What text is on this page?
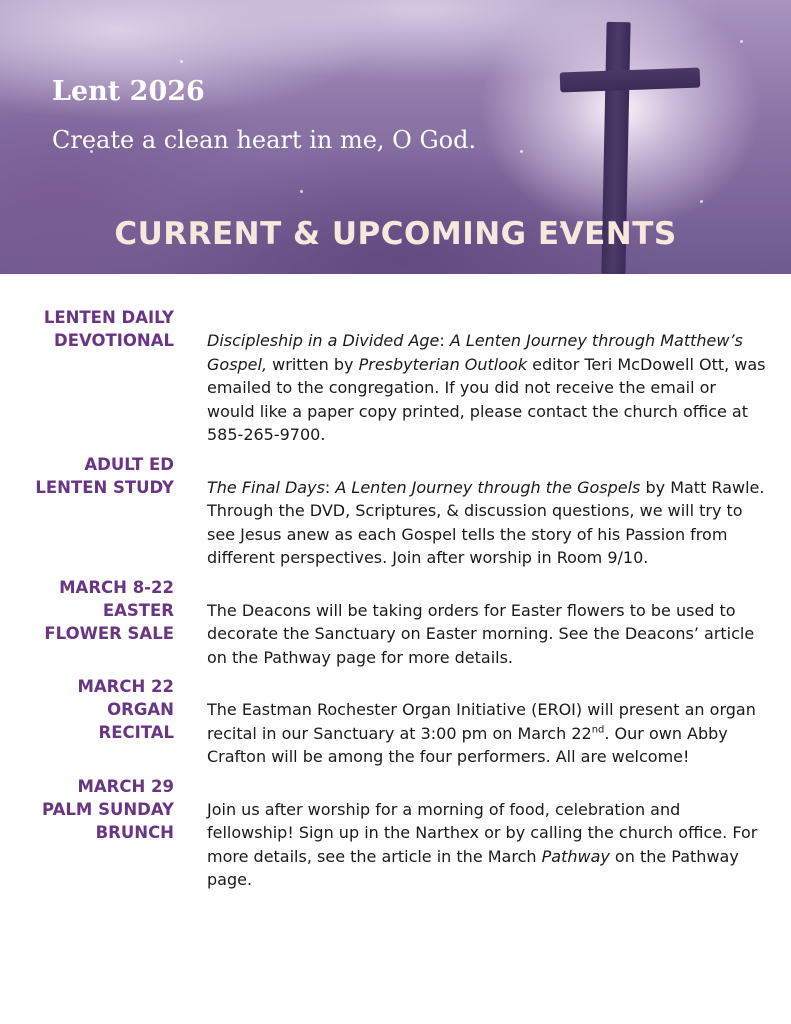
Lent 2026

Create a clean heart in me, O God.

CURRENT & UPCOMING EVENTS
LENTEN DAILY
DEVOTIONAL Discipleship in a Divided Age: A Lenten Journey through Matthew’s Gospel, written by Presbyterian Outlook editor Teri McDowell Ott, was emailed to the congregation. If you did not receive the email or would like a paper copy printed, please contact the church office at 585-265-9700.

ADULT ED
LENTEN STUDY The Final Days: A Lenten Journey through the Gospels by Matt Rawle. Through the DVD, Scriptures, & discussion questions, we will try to see Jesus anew as each Gospel tells the story of his Passion from different perspectives. Join after worship in Room 9/10.

MARCH 8-22
EASTER
FLOWER SALE

The Deacons will be taking orders for Easter flowers to be used to decorate the Sanctuary on Easter morning. See the Deacons’ article on the Pathway page for more details.

MARCH 22
ORGAN
RECITAL

The Eastman Rochester Organ Initiative (EROI) will present an organ recital in our Sanctuary at 3:00 pm on March 22nd. Our own Abby Crafton will be among the four performers. All are welcome!

MARCH 29
PALM SUNDAY
BRUNCH

Join us after worship for a morning of food, celebration and fellowship! Sign up in the Narthex or by calling the church office. For more details, see the article in the March Pathway on the Pathway page.
